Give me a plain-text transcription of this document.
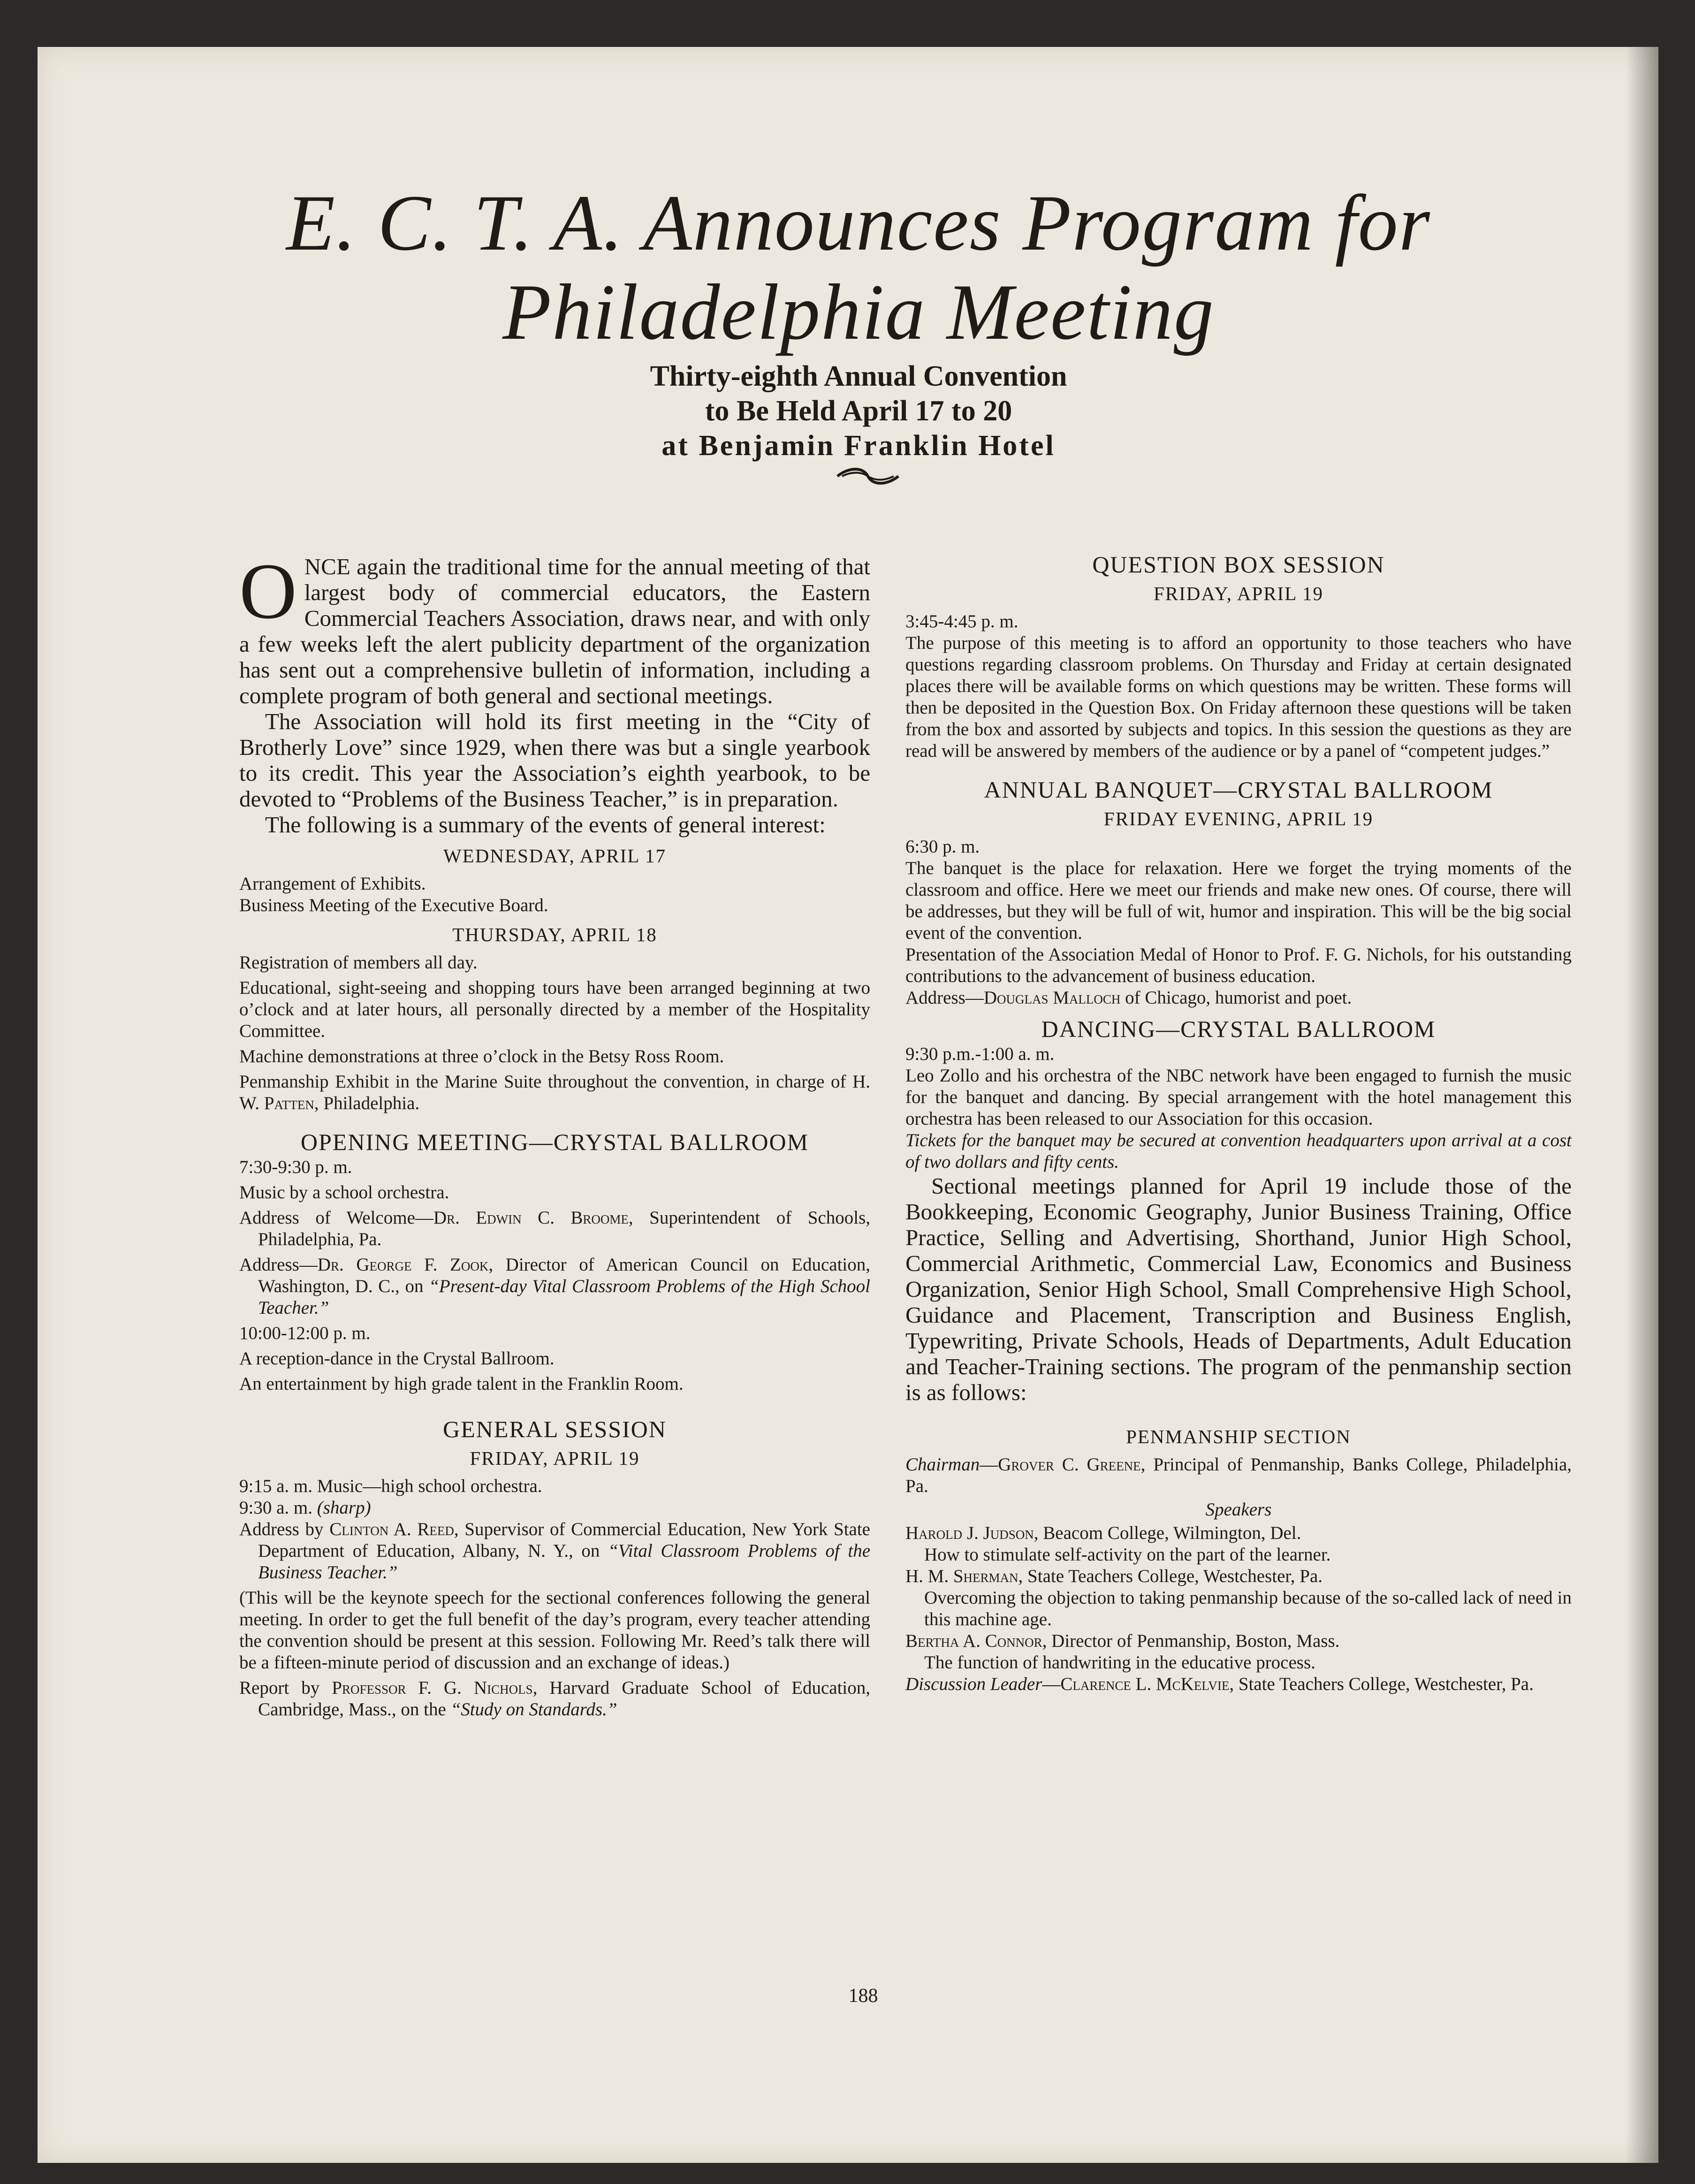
E. C. T. A. Announces Program for
Philadelphia Meeting
Thirty-eighth Annual Convention
to Be Held April 17 to 20
at Benjamin Franklin Hotel

ONCE again the traditional time for the annual meeting of that largest body of commercial educators, the Eastern Commercial Teachers Association, draws near, and with only a few weeks left the alert publicity department of the organization has sent out a comprehensive bulletin of information, including a complete program of both general and sectional meetings.

The Association will hold its first meeting in the “City of Brotherly Love” since 1929, when there was but a single yearbook to its credit. This year the Association’s eighth yearbook, to be devoted to “Problems of the Business Teacher,” is in preparation.

The following is a summary of the events of general interest:

WEDNESDAY, APRIL 17

Arrangement of Exhibits.

Business Meeting of the Executive Board.

THURSDAY, APRIL 18

Registration of members all day.

Educational, sight-seeing and shopping tours have been arranged beginning at two o’clock and at later hours, all personally directed by a member of the Hospitality Committee.

Machine demonstrations at three o’clock in the Betsy Ross Room.

Penmanship Exhibit in the Marine Suite throughout the convention, in charge of H. W. Patten, Philadelphia.

OPENING MEETING—CRYSTAL BALLROOM

7:30-9:30 p. m.

Music by a school orchestra.

Address of Welcome—Dr. Edwin C. Broome, Superintendent of Schools, Philadelphia, Pa.

Address—Dr. George F. Zook, Director of American Council on Education, Washington, D. C., on “Present-day Vital Classroom Problems of the High School Teacher.”

10:00-12:00 p. m.

A reception-dance in the Crystal Ballroom.

An entertainment by high grade talent in the Franklin Room.

GENERAL SESSION
FRIDAY, APRIL 19

9:15 a. m. Music—high school orchestra.

9:30 a. m. (sharp)

Address by Clinton A. Reed, Supervisor of Commercial Education, New York State Department of Education, Albany, N. Y., on “Vital Classroom Problems of the Business Teacher.”

(This will be the keynote speech for the sectional conferences following the general meeting. In order to get the full benefit of the day’s program, every teacher attending the convention should be present at this session. Following Mr. Reed’s talk there will be a fifteen-minute period of discussion and an exchange of ideas.)

Report by Professor F. G. Nichols, Harvard Graduate School of Education, Cambridge, Mass., on the “Study on Standards.”

QUESTION BOX SESSION
FRIDAY, APRIL 19

3:45-4:45 p. m.

The purpose of this meeting is to afford an opportunity to those teachers who have questions regarding classroom problems. On Thursday and Friday at certain designated places there will be available forms on which questions may be written. These forms will then be deposited in the Question Box. On Friday afternoon these questions will be taken from the box and assorted by subjects and topics. In this session the questions as they are read will be answered by members of the audience or by a panel of “competent judges.”

ANNUAL BANQUET—CRYSTAL BALLROOM
FRIDAY EVENING, APRIL 19

6:30 p. m.

The banquet is the place for relaxation. Here we forget the trying moments of the classroom and office. Here we meet our friends and make new ones. Of course, there will be addresses, but they will be full of wit, humor and inspiration. This will be the big social event of the convention.

Presentation of the Association Medal of Honor to Prof. F. G. Nichols, for his outstanding contributions to the advancement of business education.

Address—Douglas Malloch of Chicago, humorist and poet.

DANCING—CRYSTAL BALLROOM

9:30 p.m.-1:00 a. m.

Leo Zollo and his orchestra of the NBC network have been engaged to furnish the music for the banquet and dancing. By special arrangement with the hotel management this orchestra has been released to our Association for this occasion.

Tickets for the banquet may be secured at convention headquarters upon arrival at a cost of two dollars and fifty cents.

Sectional meetings planned for April 19 include those of the Bookkeeping, Economic Geography, Junior Business Training, Office Practice, Selling and Advertising, Shorthand, Junior High School, Commercial Arithmetic, Commercial Law, Economics and Business Organization, Senior High School, Small Comprehensive High School, Guidance and Placement, Transcription and Business English, Typewriting, Private Schools, Heads of Departments, Adult Education and Teacher-Training sections. The program of the penmanship section is as follows:

PENMANSHIP SECTION

Chairman—Grover C. Greene, Principal of Penmanship, Banks College, Philadelphia, Pa.

Speakers

Harold J. Judson, Beacom College, Wilmington, Del.

How to stimulate self-activity on the part of the learner.

H. M. Sherman, State Teachers College, Westchester, Pa.

Overcoming the objection to taking penmanship because of the so-called lack of need in this machine age.

Bertha A. Connor, Director of Penmanship, Boston, Mass.

The function of handwriting in the educative process.

Discussion Leader—Clarence L. McKelvie, State Teachers College, Westchester, Pa.

188
